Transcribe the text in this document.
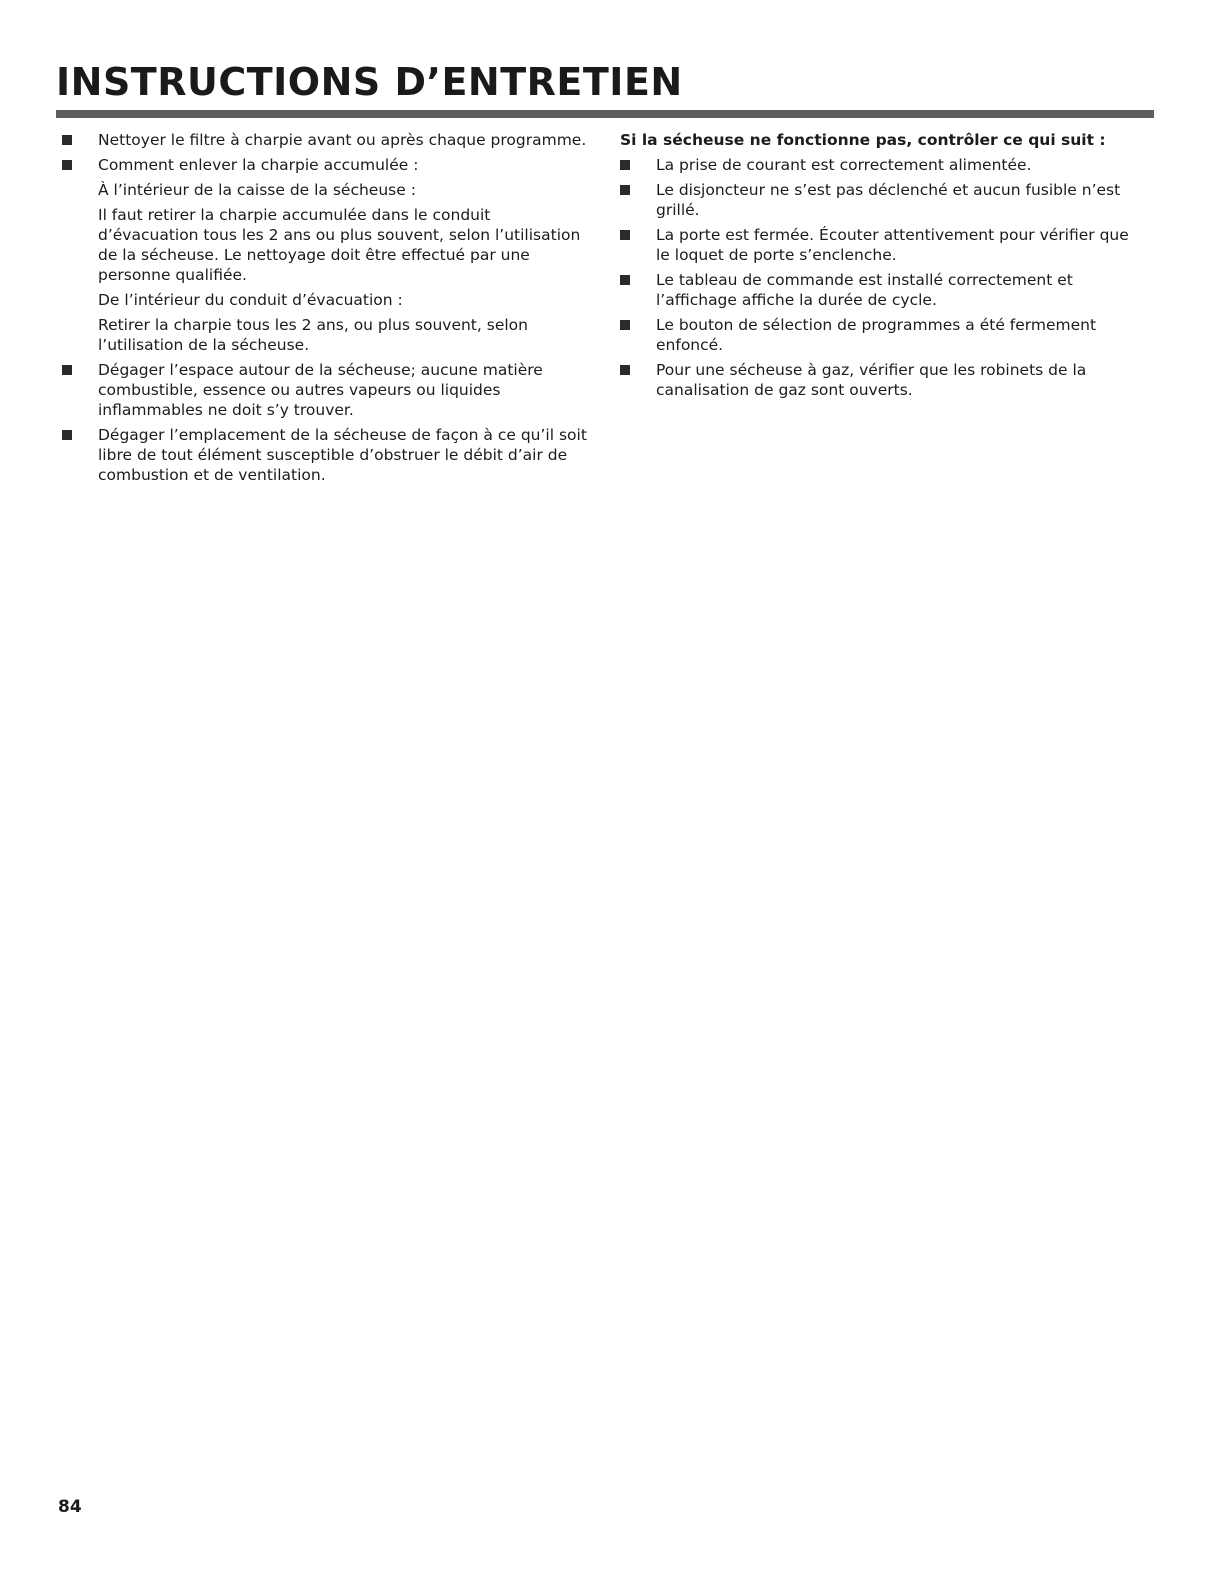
INSTRUCTIONS D’ENTRETIEN
Nettoyer le filtre à charpie avant ou après chaque programme.
Comment enlever la charpie accumulée :
À l’intérieur de la caisse de la sécheuse :
Il faut retirer la charpie accumulée dans le conduit d’évacuation tous les 2 ans ou plus souvent, selon l’utilisation de la sécheuse. Le nettoyage doit être effectué par une personne qualifiée.
De l’intérieur du conduit d’évacuation :
Retirer la charpie tous les 2 ans, ou plus souvent, selon l’utilisation de la sécheuse.
Dégager l’espace autour de la sécheuse; aucune matière combustible, essence ou autres vapeurs ou liquides inflammables ne doit s’y trouver.
Dégager l’emplacement de la sécheuse de façon à ce qu’il soit libre de tout élément susceptible d’obstruer le débit d’air de combustion et de ventilation.
Si la sécheuse ne fonctionne pas, contrôler ce qui suit :
La prise de courant est correctement alimentée.
Le disjoncteur ne s’est pas déclenché et aucun fusible n’est grillé.
La porte est fermée. Écouter attentivement pour vérifier que le loquet de porte s’enclenche.
Le tableau de commande est installé correctement et l’affichage affiche la durée de cycle.
Le bouton de sélection de programmes a été fermement enfoncé.
Pour une sécheuse à gaz, vérifier que les robinets de la canalisation de gaz sont ouverts.
84
